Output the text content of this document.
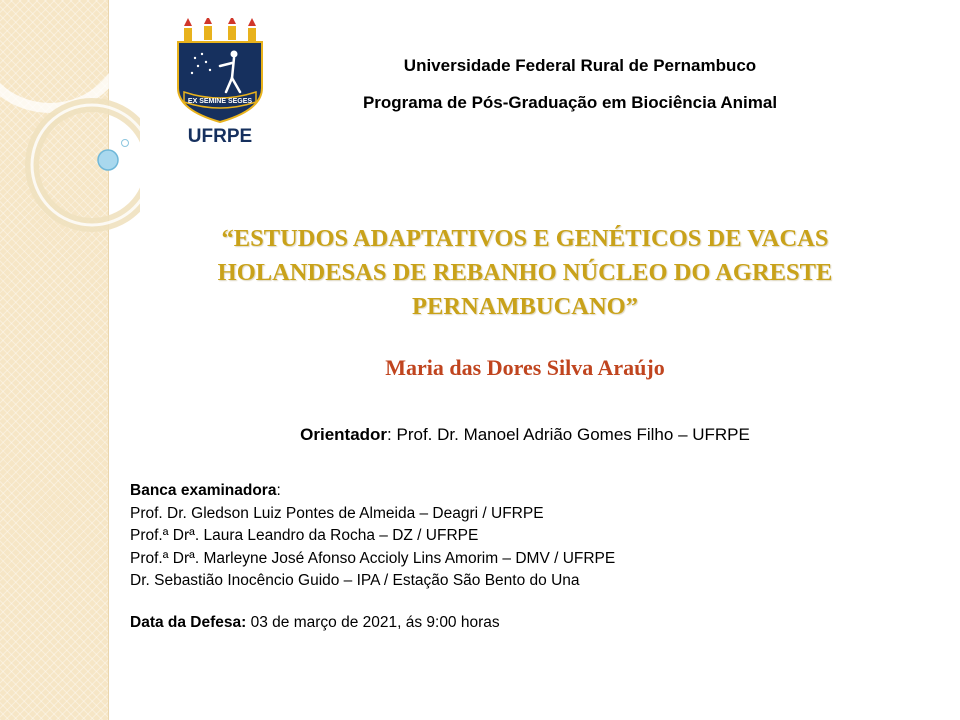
EX SEMINE SEGES
UFRPE
Universidade Federal Rural de Pernambuco
Programa de Pós-Graduação em Biociência Animal
“ESTUDOS ADAPTATIVOS E GENÉTICOS DE VACAS
HOLANDESAS DE REBANHO NÚCLEO DO AGRESTE
PERNAMBUCANO”
Maria das Dores Silva Araújo
Orientador: Prof. Dr. Manoel Adrião Gomes Filho – UFRPE
Banca examinadora:
Prof. Dr. Gledson Luiz Pontes de Almeida – Deagri / UFRPE
Prof.ª Drª. Laura Leandro da Rocha – DZ / UFRPE
Prof.ª Drª. Marleyne José Afonso Accioly Lins Amorim – DMV / UFRPE
Dr. Sebastião Inocêncio Guido – IPA / Estação São Bento do Una
Data da Defesa: 03 de março de 2021, ás 9:00 horas
